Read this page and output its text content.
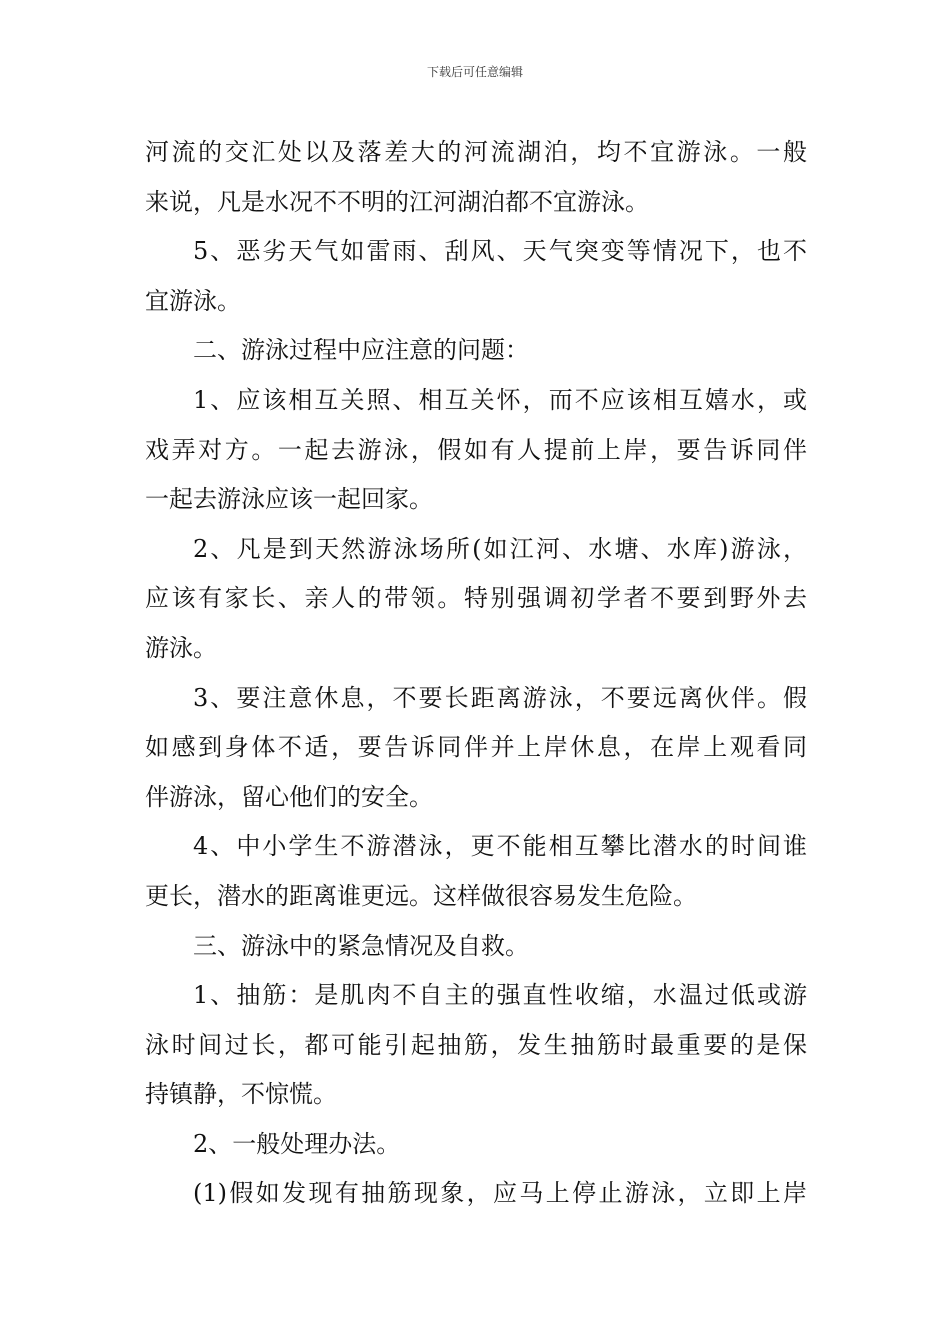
下载后可任意编辑
河流的交汇处以及落差大的河流湖泊，均不宜游泳。一般
来说，凡是水况不不明的江河湖泊都不宜游泳。
5、恶劣天气如雷雨、刮风、天气突变等情况下，也不
宜游泳。
二、游泳过程中应注意的问题：
1、应该相互关照、相互关怀，而不应该相互嬉水，或
戏弄对方。一起去游泳，假如有人提前上岸，要告诉同伴
一起去游泳应该一起回家。
2、凡是到天然游泳场所(如江河、水塘、水库)游泳，
应该有家长、亲人的带领。特别强调初学者不要到野外去
游泳。
3、要注意休息，不要长距离游泳，不要远离伙伴。假
如感到身体不适，要告诉同伴并上岸休息，在岸上观看同
伴游泳，留心他们的安全。
4、中小学生不游潜泳，更不能相互攀比潜水的时间谁
更长，潜水的距离谁更远。这样做很容易发生危险。
三、游泳中的紧急情况及自救。
1、抽筋：是肌肉不自主的强直性收缩，水温过低或游
泳时间过长，都可能引起抽筋，发生抽筋时最重要的是保
持镇静，不惊慌。
2、一般处理办法。
(1)假如发现有抽筋现象，应马上停止游泳，立即上岸
